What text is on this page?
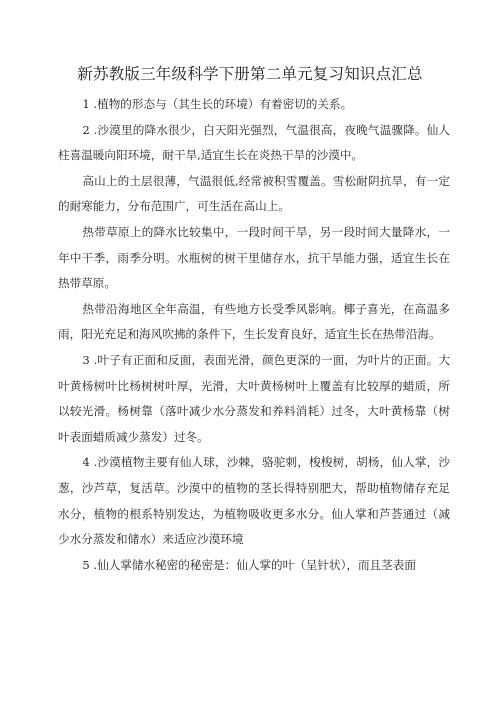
新苏教版三年级科学下册第二单元复习知识点汇总

1 .植物的形态与（其生长的环境）有着密切的关系。

2 .沙漠里的降水很少，白天阳光强烈，气温很高，夜晚气温骤降。仙人柱喜温暖向阳环境，耐干旱,适宜生长在炎热干旱的沙漠中。

高山上的土层很薄，气温很低,经常被积雪覆盖。雪松耐阴抗旱，有一定的耐寒能力，分布范围广，可生活在高山上。

热带草原上的降水比较集中，一段时间干旱，另一段时间大量降水，一年中干季，雨季分明。水瓶树的树干里储存水，抗干旱能力强，适宜生长在热带草原。

热带沿海地区全年高温，有些地方长受季风影响。椰子喜光，在高温多雨，阳光充足和海风吹拂的条件下，生长发育良好，适宜生长在热带沿海。

3 .叶子有正面和反面，表面光滑，颜色更深的一面，为叶片的正面。大叶黄杨树叶比杨树树叶厚，光滑，大叶黄杨树叶上覆盖有比较厚的蜡质，所以较光滑。杨树靠（落叶减少水分蒸发和养料消耗）过冬，大叶黄杨靠（树叶表面蜡质减少蒸发）过冬。

4 .沙漠植物主要有仙人球，沙棘，骆驼刺，梭梭树，胡杨，仙人掌，沙葱，沙芦草，复活草。沙漠中的植物的茎长得特别肥大，帮助植物储存充足水分，植物的根系特别发达，为植物吸收更多水分。仙人掌和芦荟通过（减少水分蒸发和储水）来适应沙漠环境

5 .仙人掌储水秘密的秘密是：仙人掌的叶（呈针状），而且茎表面
